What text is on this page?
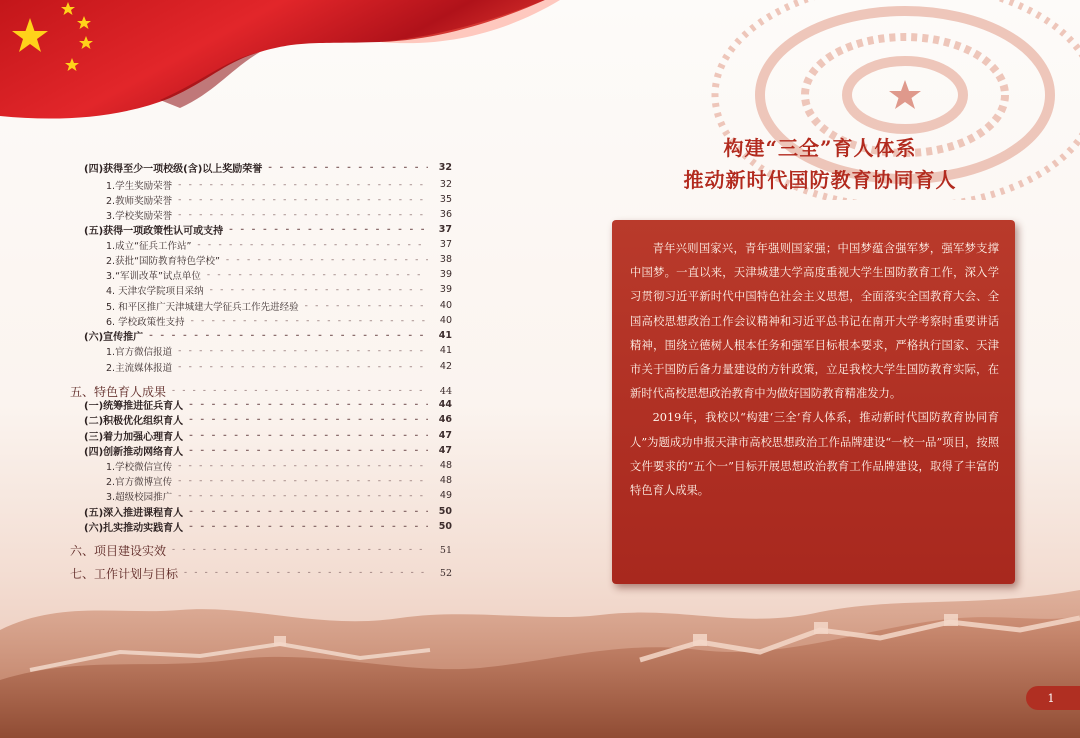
(四)获得至少一项校级(含)以上奖励荣誉 - - -	32
1.学生奖励荣誉 - - -	32
2.教师奖励荣誉 - - -	35
3.学校奖励荣誉 - - -	36
(五)获得一项政策性认可或支持 - - -	37
1.成立“征兵工作站” - - -	37
2.获批“国防教育特色学校” - - -	38
3.“军训改革”试点单位 - - -	39
4. 天津农学院项目采纳 - - -	39
5. 和平区推广天津城建大学征兵工作先进经验 - - -	40
6. 学校政策性支持 - - -	40
(六)宣传推广 - - -	41
1.官方微信报道 - - -	41
2.主流媒体报道 - - -	42
五、特色育人成果 - - -	44
(一)统筹推进征兵育人 - - -	44
(二)积极优化组织育人 - - -	46
(三)着力加强心理育人 - - -	47
(四)创新推动网络育人 - - -	47
1.学校微信宣传 - - -	48
2.官方微博宣传 - - -	48
3.超级校园推广 - - -	49
(五)深入推进课程育人 - - -	50
(六)扎实推动实践育人 - - -	50
六、项目建设实效 - - -	51
七、工作计划与目标 - - -	52
构建“三全”育人体系
推动新时代国防教育协同育人

青年兴则国家兴，青年强则国家强；中国梦蕴含强军梦，强军梦支撑中国梦。一直以来，天津城建大学高度重视大学生国防教育工作，深入学习贯彻习近平新时代中国特色社会主义思想，全面落实全国教育大会、全国高校思想政治工作会议精神和习近平总书记在南开大学考察时重要讲话精神，围绕立德树人根本任务和强军目标根本要求，严格执行国家、天津市关于国防后备力量建设的方针政策，立足我校大学生国防教育实际，在新时代高校思想政治教育中为做好国防教育精准发力。

2019年，我校以“构建‘三全’育人体系，推动新时代国防教育协同育人”为题成功申报天津市高校思想政治工作品牌建设“一校一品”项目，按照文件要求的“五个一”目标开展思想政治教育工作品牌建设，取得了丰富的特色育人成果。

1
